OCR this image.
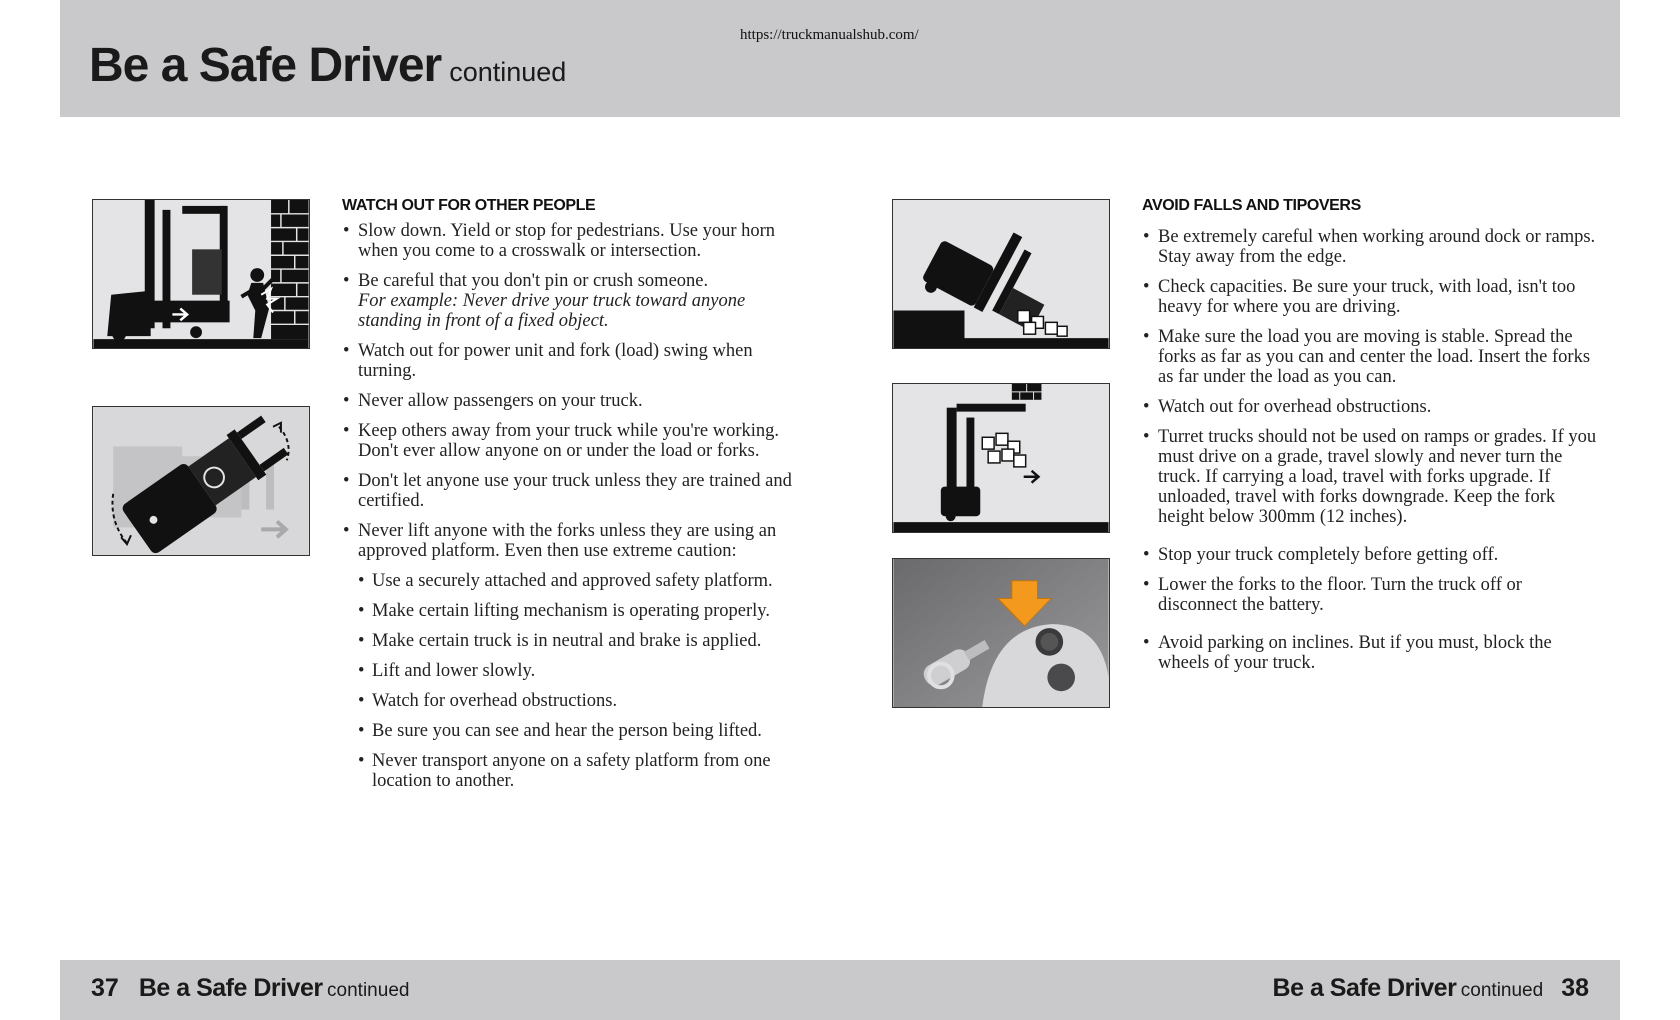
https://truckmanualshub.com/
Be a Safe Driver continued
WATCH OUT FOR OTHER PEOPLE
• Slow down. Yield or stop for pedestrians. Use your horn when you come to a crosswalk or intersection.
• Be careful that you don't pin or crush someone.
For example: Never drive your truck toward anyone standing in front of a fixed object.
• Watch out for power unit and fork (load) swing when turning.
• Never allow passengers on your truck.
• Keep others away from your truck while you're working. Don't ever allow anyone on or under the load or forks.
• Don't let anyone use your truck unless they are trained and certified.
• Never lift anyone with the forks unless they are using an approved platform. Even then use extreme caution:
• Use a securely attached and approved safety platform.
• Make certain lifting mechanism is operating properly.
• Make certain truck is in neutral and brake is applied.
• Lift and lower slowly.
• Watch for overhead obstructions.
• Be sure you can see and hear the person being lifted.
• Never transport anyone on a safety platform from one location to another.
AVOID FALLS AND TIPOVERS
• Be extremely careful when working around dock or ramps. Stay away from the edge.
• Check capacities. Be sure your truck, with load, isn't too heavy for where you are driving.
• Make sure the load you are moving is stable. Spread the forks as far as you can and center the load. Insert the forks as far under the load as you can.
• Watch out for overhead obstructions.
• Turret trucks should not be used on ramps or grades. If you must drive on a grade, travel slowly and never turn the truck. If carrying a load, travel with forks upgrade. If unloaded, travel with forks downgrade. Keep the fork height below 300mm (12 inches).
• Stop your truck completely before getting off.
• Lower the forks to the floor. Turn the truck off or disconnect the battery.
• Avoid parking on inclines. But if you must, block the wheels of your truck.
37 Be a Safe Driver continued	Be a Safe Driver continued 38
